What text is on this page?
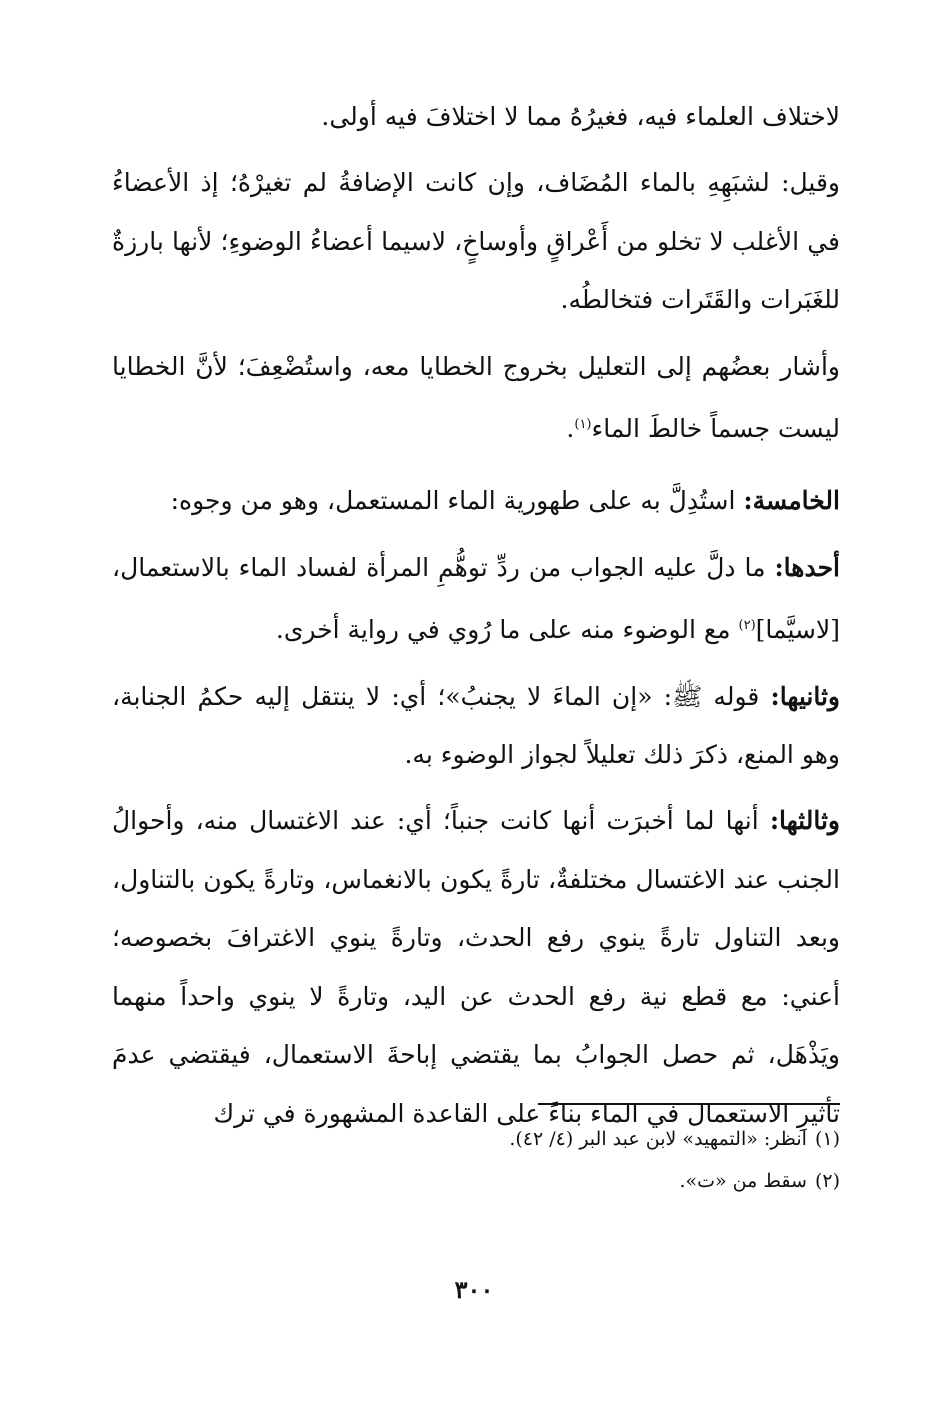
لاختلاف العلماء فيه، فغيرُهُ مما لا اختلافَ فيه أولى.

وقيل: لشبَهِهِ بالماء المُضَاف، وإن كانت الإضافةُ لم تغيرْهُ؛ إذ الأعضاءُ في الأغلب لا تخلو من أَعْراقٍ وأوساخٍ، لاسيما أعضاءُ الوضوءِ؛ لأنها بارزةٌ للغَبَرات والقَتَرات فتخالطُه.

وأشار بعضُهم إلى التعليل بخروج الخطايا معه، واستُضْعِفَ؛ لأنَّ الخطايا ليست جسماً خالطَ الماء$^{(١)}$.

الخامسة: استُدِلَّ به على طهورية الماء المستعمل، وهو من وجوه:

أحدها: ما دلَّ عليه الجواب من ردِّ توهُّمِ المرأة لفساد الماء بالاستعمال، [لاسيَّما]$^{(٢)}$ مع الوضوء منه على ما رُوي في رواية أخرى.

وثانيها: قوله ﷺ: «إن الماءَ لا يجنبُ»؛ أي: لا ينتقل إليه حكمُ الجنابة، وهو المنع، ذكرَ ذلك تعليلاً لجواز الوضوء به.

وثالثها: أنها لما أخبرَت أنها كانت جنباً؛ أي: عند الاغتسال منه، وأحوالُ الجنب عند الاغتسال مختلفةٌ، تارةً يكون بالانغماس، وتارةً يكون بالتناول، وبعد التناول تارةً ينوي رفع الحدث، وتارةً ينوي الاغترافَ بخصوصه؛ أعني: مع قطع نية رفع الحدث عن اليد، وتارةً لا ينوي واحداً منهما ويَذْهَل، ثم حصل الجوابُ بما يقتضي إباحةَ الاستعمال، فيقتضي عدمَ تأثيرِ الاستعمال في الماء بناءً على القاعدة المشهورة في ترك

(١)انظر: «التمهيد» لابن عبد البر (٤/ ٤٢).

(٢)سقط من «ت».

٣٠٠
